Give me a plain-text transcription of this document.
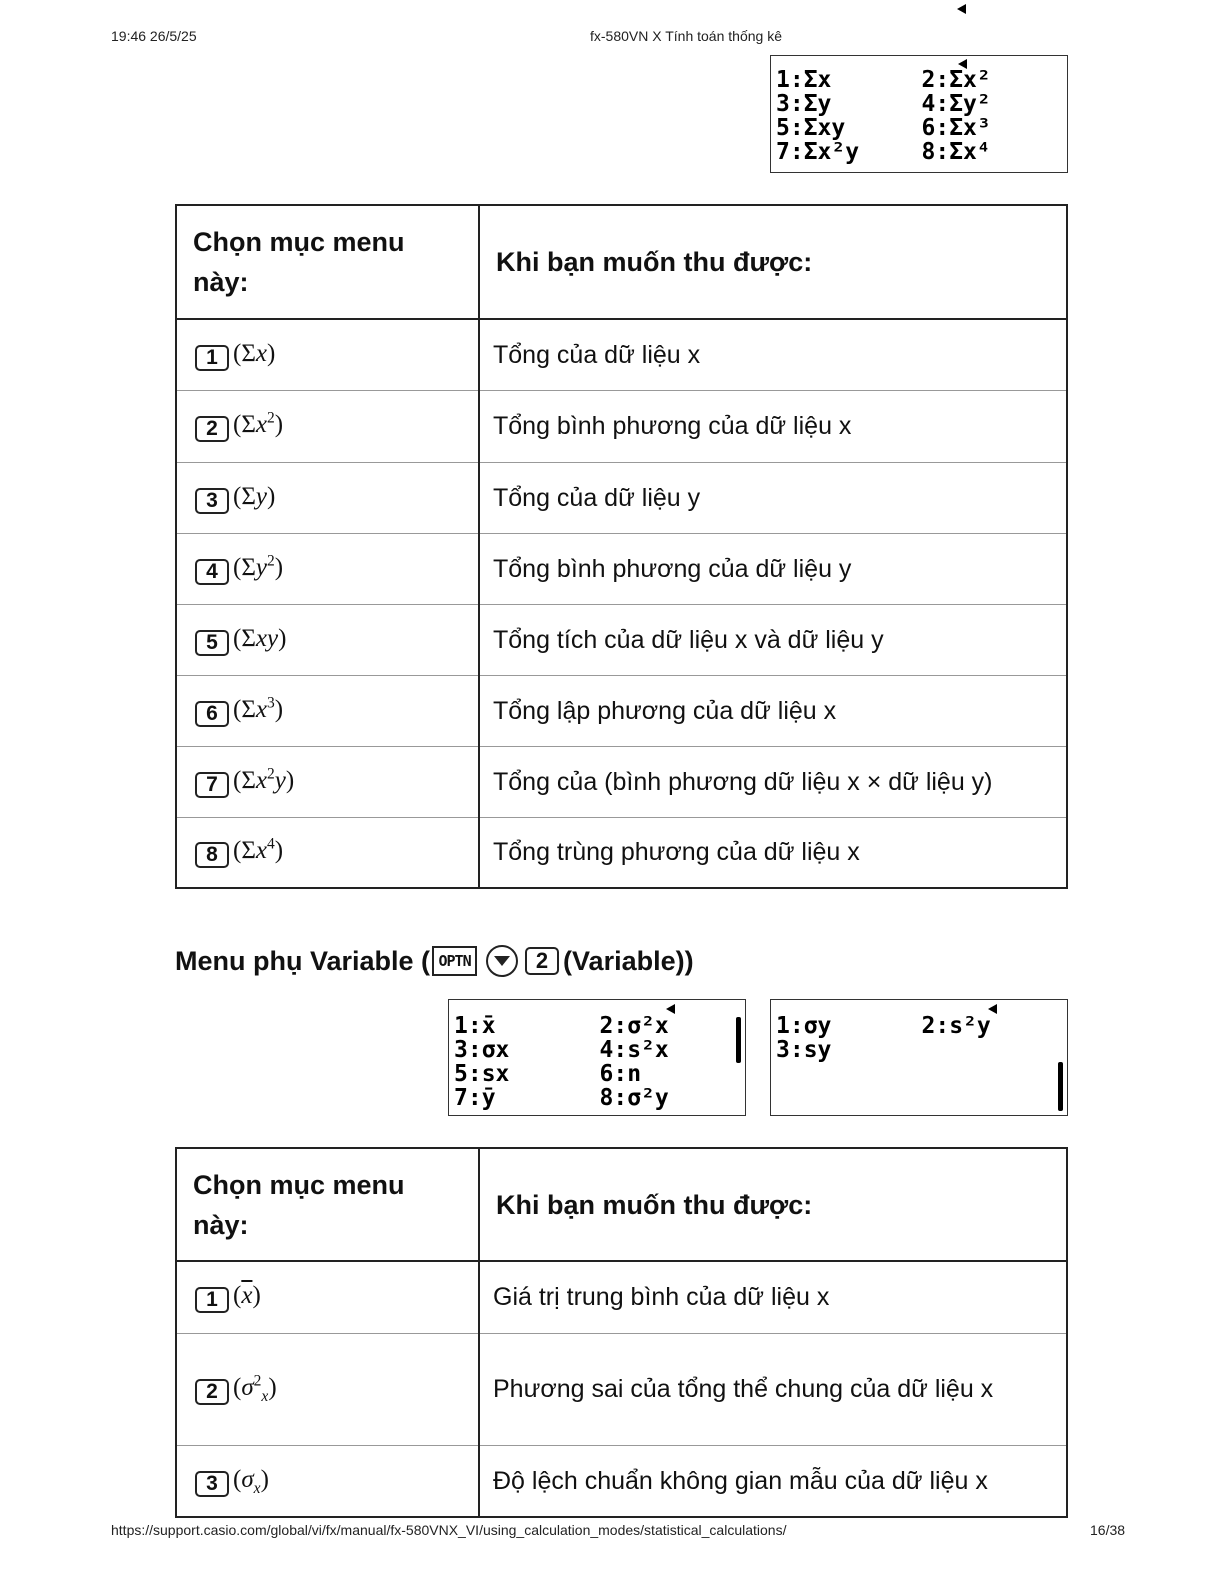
19:46 26/5/25	fx-580VN X Tính toán thống kê
1:Σx	2:Σx²
3:Σy	4:Σy²
5:Σxy	6:Σx³
7:Σx²y	8:Σx⁴
Chọn mục menu này:	Khi bạn muốn thu được:
1 (Σx)	Tổng của dữ liệu x
2 $(\Sigma x^2)$	Tổng bình phương của dữ liệu x
3 (Σy)	Tổng của dữ liệu y
4 $(\Sigma y^2)$	Tổng bình phương của dữ liệu y
5 (Σxy)	Tổng tích của dữ liệu x và dữ liệu y
6 $(\Sigma x^3)$	Tổng lập phương của dữ liệu x
7 $(\Sigma x^2y)$	Tổng của (bình phương dữ liệu x × dữ liệu y)
8 $(\Sigma x^4)$	Tổng trùng phương của dữ liệu x
Menu phụ Variable ( OPTN	2 (Variable))
1:x̄	2:σ²x
3:σx	4:s²x
5:sx	6:n
7:ȳ	8:σ²y
1:σy	2:s²y
3:sy
Chọn mục menu này:	Khi bạn muốn thu được:
1 $(\overline{x})$	Giá trị trung bình của dữ liệu x
2 $(\sigma^2_x)$	Phương sai của tổng thể chung của dữ liệu x
3 $(\sigma_x)$	Độ lệch chuẩn không gian mẫu của dữ liệu x
https://support.casio.com/global/vi/fx/manual/fx-580VNX_VI/using_calculation_modes/statistical_calculations/	16/38
